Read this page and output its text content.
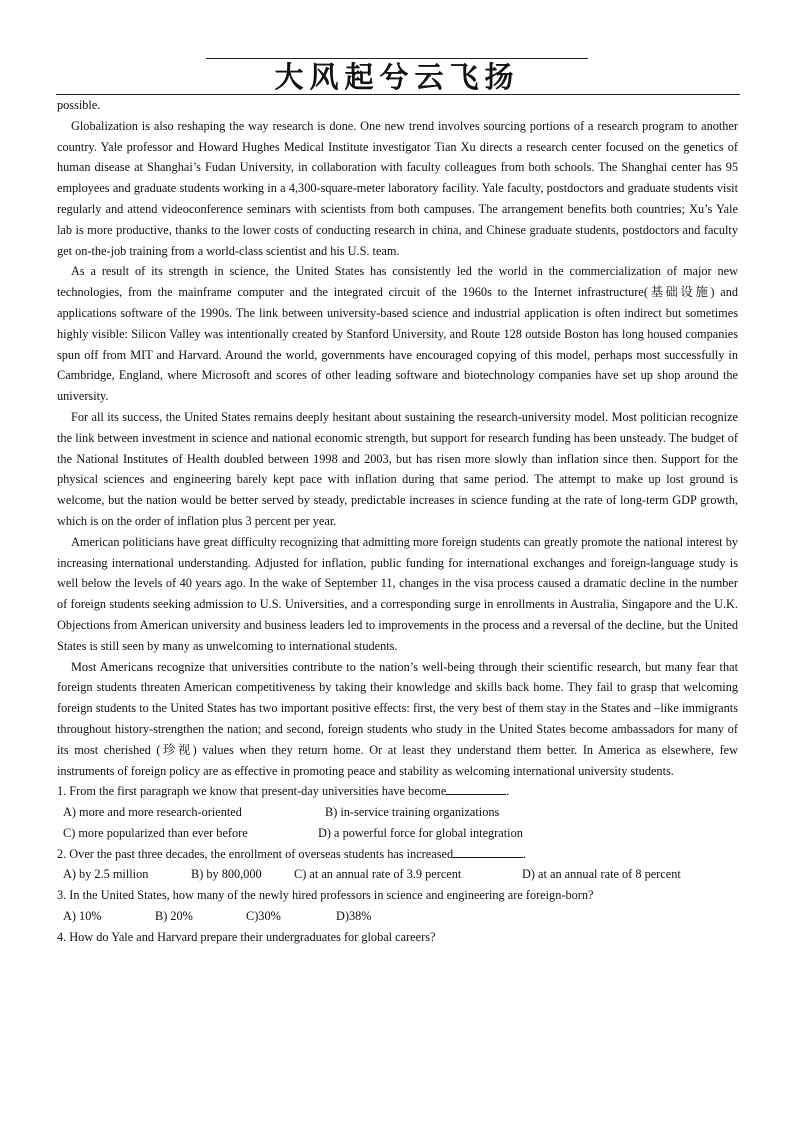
大风起兮云飞扬

possible.

Globalization is also reshaping the way research is done. One new trend involves sourcing portions of a research program to another country. Yale professor and Howard Hughes Medical Institute investigator Tian Xu directs a research center focused on the genetics of human disease at Shanghai’s Fudan University, in collaboration with faculty colleagues from both schools. The Shanghai center has 95 employees and graduate students working in a 4,300-square-meter laboratory facility. Yale faculty, postdoctors and graduate students visit regularly and attend videoconference seminars with scientists from both campuses. The arrangement benefits both countries; Xu’s Yale lab is more productive, thanks to the lower costs of conducting research in china, and Chinese graduate students, postdoctors and faculty get on-the-job training from a world-class scientist and his U.S. team.

As a result of its strength in science, the United States has consistently led the world in the commercialization of major new technologies, from the mainframe computer and the integrated circuit of the 1960s to the Internet infrastructure(基础设施) and applications software of the 1990s. The link between university-based science and industrial application is often indirect but sometimes highly visible: Silicon Valley was intentionally created by Stanford University, and Route 128 outside Boston has long housed companies spun off from MIT and Harvard. Around the world, governments have encouraged copying of this model, perhaps most successfully in Cambridge, England, where Microsoft and scores of other leading software and biotechnology companies have set up shop around the university.

For all its success, the United States remains deeply hesitant about sustaining the research-university model. Most politician recognize the link between investment in science and national economic strength, but support for research funding has been unsteady. The budget of the National Institutes of Health doubled between 1998 and 2003, but has risen more slowly than inflation since then. Support for the physical sciences and engineering barely kept pace with inflation during that same period. The attempt to make up lost ground is welcome, but the nation would be better served by steady, predictable increases in science funding at the rate of long-term GDP growth, which is on the order of inflation plus 3 percent per year.

American politicians have great difficulty recognizing that admitting more foreign students can greatly promote the national interest by increasing international understanding. Adjusted for inflation, public funding for international exchanges and foreign-language study is well below the levels of 40 years ago. In the wake of September 11, changes in the visa process caused a dramatic decline in the number of foreign students seeking admission to U.S. Universities, and a corresponding surge in enrollments in Australia, Singapore and the U.K. Objections from American university and business leaders led to improvements in the process and a reversal of the decline, but the United States is still seen by many as unwelcoming to international students.

Most Americans recognize that universities contribute to the nation’s well-being through their scientific research, but many fear that foreign students threaten American competitiveness by taking their knowledge and skills back home. They fail to grasp that welcoming foreign students to the United States has two important positive effects: first, the very best of them stay in the States and –like immigrants throughout history-strengthen the nation; and second, foreign students who study in the United States become ambassadors for many of its most cherished (珍视) values when they return home. Or at least they understand them better. In America as elsewhere, few instruments of foreign policy are as effective in promoting peace and stability as welcoming international university students.

1. From the first paragraph we know that present-day universities have become	.

A) more and more research-oriented	B) in-service training organizations

C) more popularized than ever before	D) a powerful force for global integration

2. Over the past three decades, the enrollment of overseas students has increased	.

A) by 2.5 million	B) by 800,000	C) at an annual rate of 3.9 percent	D) at an annual rate of 8 percent

3. In the United States, how many of the newly hired professors in science and engineering are foreign-born?

A) 10%	B) 20%	C)30%	D)38%

4. How do Yale and Harvard prepare their undergraduates for global careers?
